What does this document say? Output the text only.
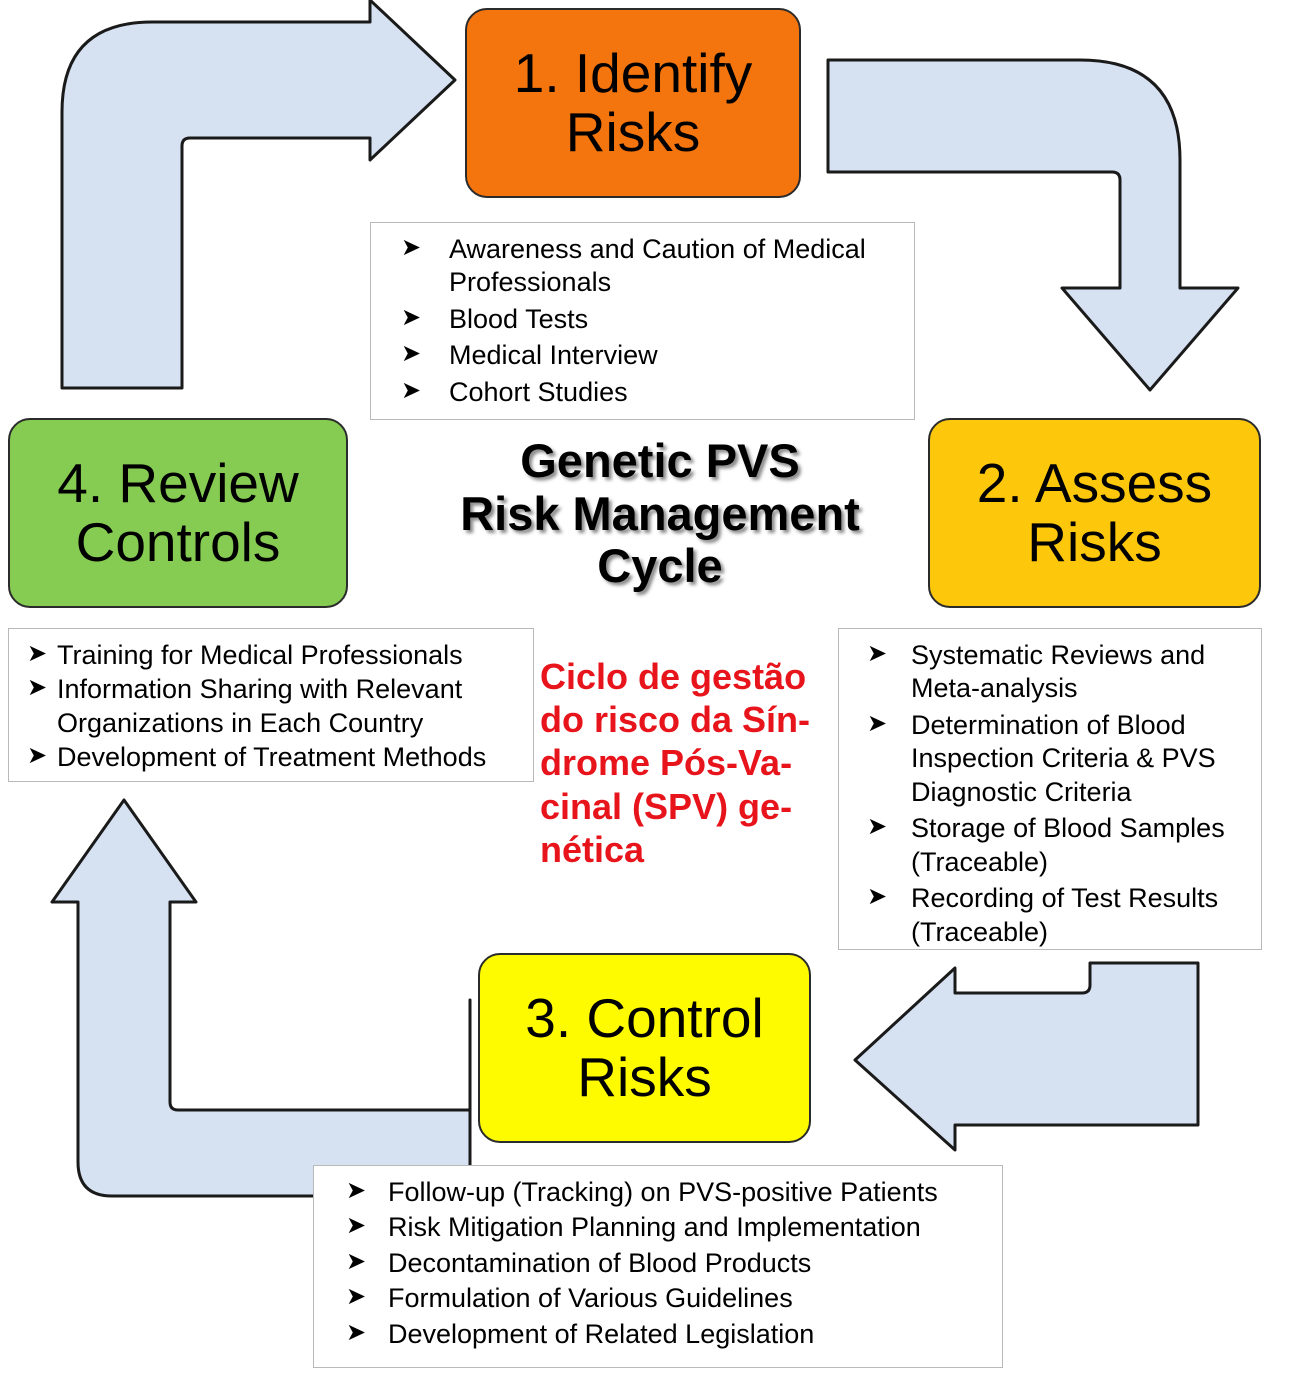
1. Identify Risks
2. Assess Risks
3. Control Risks
4. Review Controls
➤ Awareness and Caution of Medical Professionals
➤ Blood Tests
➤ Medical Interview
➤ Cohort Studies
➤ Systematic Reviews and Meta-analysis
➤ Determination of Blood Inspection Criteria & PVS Diagnostic Criteria
➤ Storage of Blood Samples (Traceable)
➤ Recording of Test Results (Traceable)
➤ Follow-up (Tracking) on PVS-positive Patients
➤ Risk Mitigation Planning and Implementation
➤ Decontamination of Blood Products
➤ Formulation of Various Guidelines
➤ Development of Related Legislation
➤ Training for Medical Professionals
➤ Information Sharing with Relevant Organizations in Each Country
➤ Development of Treatment Methods
Genetic PVS
Risk Management
Cycle
Ciclo de gestão
do risco da Sín-
drome Pós-Va-
cinal (SPV) ge-
nética
